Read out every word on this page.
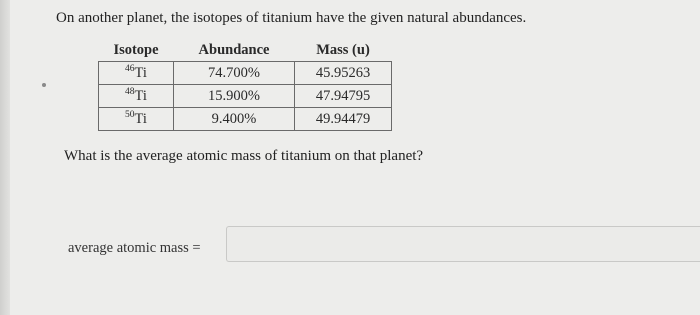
On another planet, the isotopes of titanium have the given natural abundances.
Isotope	Abundance	Mass (u)
$^{46}$Ti	74.700%	45.95263
$^{48}$Ti	15.900%	47.94795
$^{50}$Ti	9.400%	49.94479
What is the average atomic mass of titanium on that planet?
average atomic mass =
